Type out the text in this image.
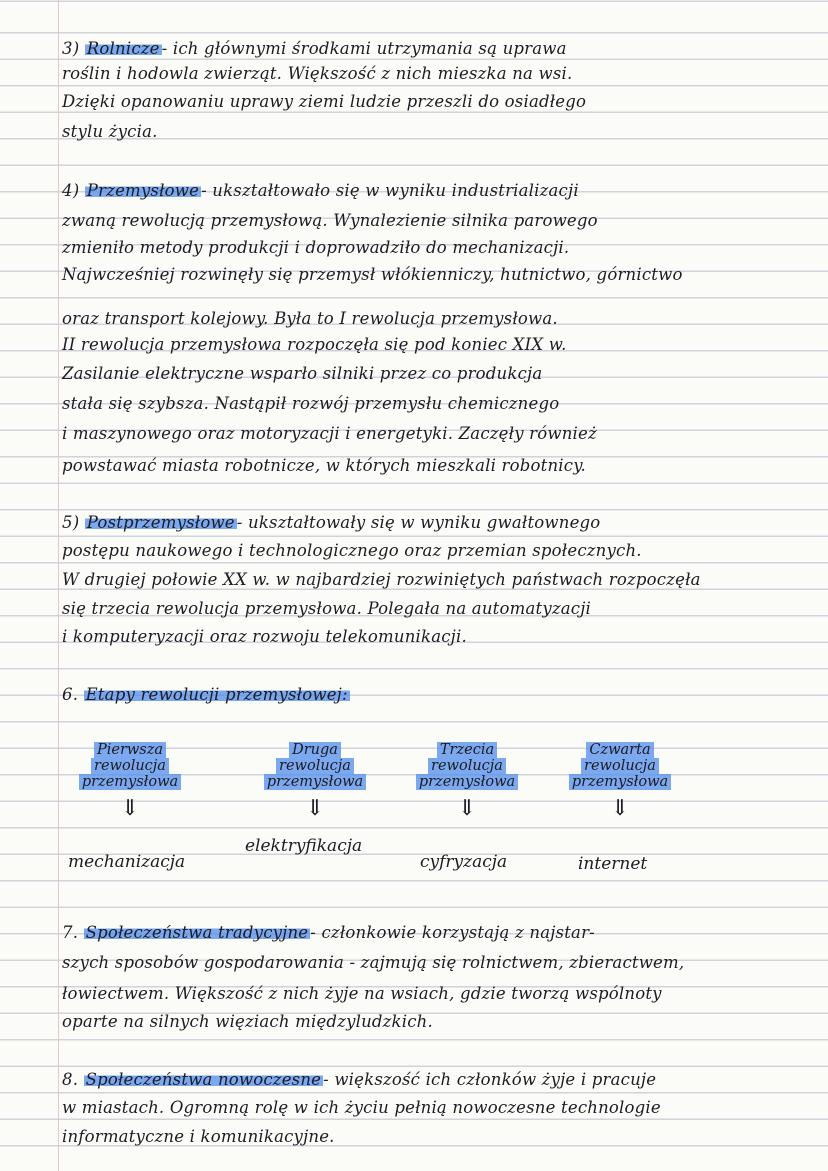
3) Rolnicze - ich głównymi środkami utrzymania są uprawa
roślin i hodowla zwierząt. Większość z nich mieszka na wsi.
Dzięki opanowaniu uprawy ziemi ludzie przeszli do osiadłego
stylu życia.
4) Przemysłowe - ukształtowało się w wyniku industrializacji
zwaną rewolucją przemysłową. Wynalezienie silnika parowego
zmieniło metody produkcji i doprowadziło do mechanizacji.
Najwcześniej rozwinęły się przemysł włókienniczy, hutnictwo, górnictwo
oraz transport kolejowy. Była to I rewolucja przemysłowa.
II rewolucja przemysłowa rozpoczęła się pod koniec XIX w.
Zasilanie elektryczne wsparło silniki przez co produkcja
stała się szybsza. Nastąpił rozwój przemysłu chemicznego
i maszynowego oraz motoryzacji i energetyki. Zaczęły również
powstawać miasta robotnicze, w których mieszkali robotnicy.
5) Postprzemysłowe - ukształtowały się w wyniku gwałtownego
postępu naukowego i technologicznego oraz przemian społecznych.
W drugiej połowie XX w. w najbardziej rozwiniętych państwach rozpoczęła
się trzecia rewolucja przemysłowa. Polegała na automatyzacji
i komputeryzacji oraz rozwoju telekomunikacji.
6. Etapy rewolucji przemysłowej:
Pierwsza
rewolucja
przemysłowa
⇓
Druga
rewolucja
przemysłowa
⇓
Trzecia
rewolucja
przemysłowa
⇓
Czwarta
rewolucja
przemysłowa
⇓
mechanizacja
elektryfikacja
cyfryzacja	internet
7. Społeczeństwa tradycyjne - członkowie korzystają z najstar-
szych sposobów gospodarowania - zajmują się rolnictwem, zbieractwem,
łowiectwem. Większość z nich żyje na wsiach, gdzie tworzą wspólnoty
oparte na silnych więziach międzyludzkich.
8. Społeczeństwa nowoczesne - większość ich członków żyje i pracuje
w miastach. Ogromną rolę w ich życiu pełnią nowoczesne technologie
informatyczne i komunikacyjne.
